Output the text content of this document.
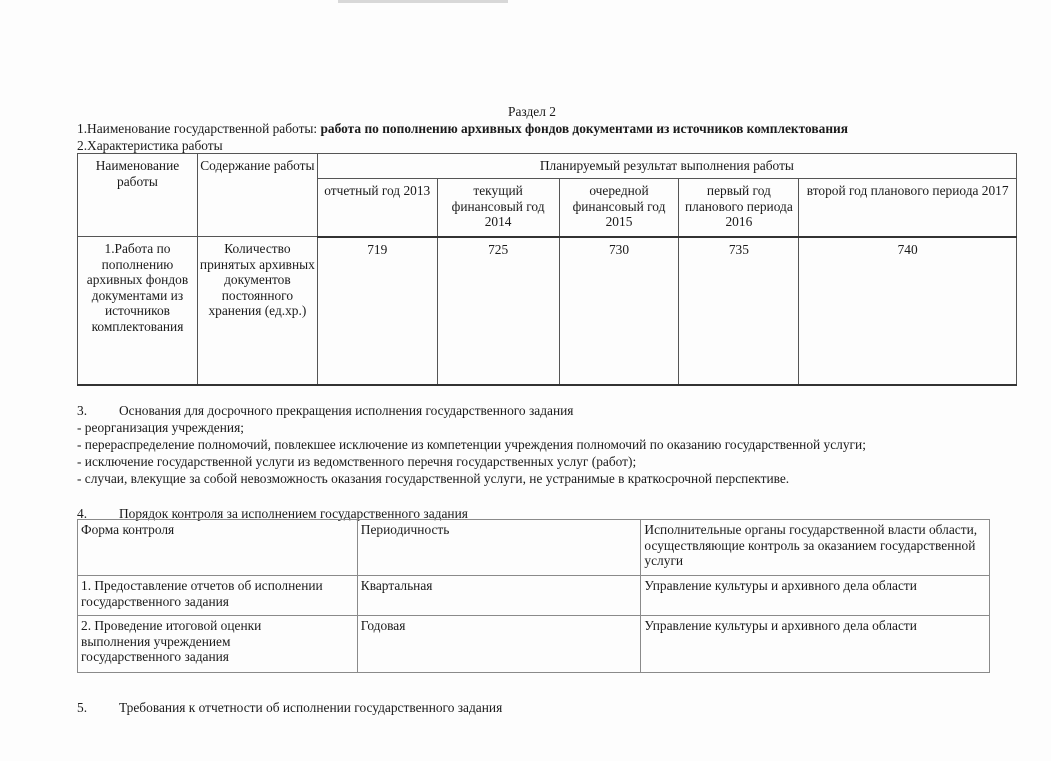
Раздел 2
1.Наименование государственной работы: работа по пополнению архивных фондов документами из источников комплектования
2.Характеристика работы
Наименование работы	Содержание работы	Планируемый результат выполнения работы				
		отчетный год 2013	текущий финансовый год 2014	очередной финансовый год 2015	первый год планового периода 2016	второй год планового периода 2017
1.Работа по пополнению архивных фондов документами из источников комплектования	Количество принятых архивных документов постоянного хранения (ед.хр.)	719	725	730	735	740
3. Основания для досрочного прекращения исполнения государственного задания
- реорганизация учреждения;
- перераспределение полномочий, повлекшее исключение из компетенции учреждения полномочий по оказанию государственной услуги;
- исключение государственной услуги из ведомственного перечня государственных услуг (работ);
- случаи, влекущие за собой невозможность оказания государственной услуги, не устранимые в краткосрочной перспективе.
4. Порядок контроля за исполнением государственного задания
Форма контроля	Периодичность	Исполнительные органы государственной власти области, осуществляющие контроль за оказанием государственной услуги
1. Предоставление отчетов об исполнении государственного задания	Квартальная	Управление культуры и архивного дела области
2. Проведение итоговой оценки выполнения учреждением государственного задания	Годовая	Управление культуры и архивного дела области
5. Требования к отчетности об исполнении государственного задания
